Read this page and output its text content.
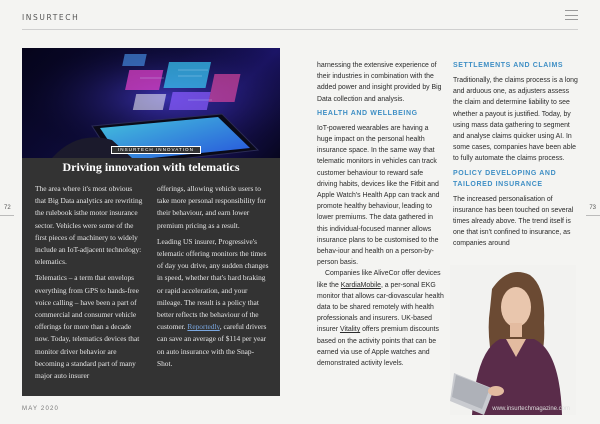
INSURTECH
72	73
INSURTECH INNOVATION
Driving innovation with telematics

The area where it's most obvious that Big Data analytics are rewriting the rulebook isthe motor insurance sector. Vehicles were some of the first pieces of machinery to widely include an IoT-adjacent technology: telematics.

Telematics – a term that envelops everything from GPS to hands-free voice calling – have been a part of commercial and consumer vehicle offerings for more than a decade now. Today, telematics devices that monitor driver behavior are becoming a standard part of many major auto insurer

offerings, allowing vehicle users to take more personal responsibility for their behaviour, and earn lower premium pricing as a result.

Leading US insurer, Progressive's telematic offering monitors the times of day you drive, any sudden changes in speed, whether that's hard braking or rapid acceleration, and your mileage. The result is a policy that better reflects the behaviour of the customer. Reportedly, careful drivers can save an average of $114 per year on auto insurance with the Snap-Shot.

harnessing the extensive experience of their industries in combination with the added power and insight provided by Big Data collection and analysis.

HEALTH AND WELLBEING

IoT-powered wearables are having a huge impact on the personal health insurance space. In the same way that telematic monitors in vehicles can track customer behaviour to reward safe driving habits, devices like the Fitbit and Apple Watch's Health App can track and promote healthy behaviour, leading to lower premiums. The data gathered in this individual-focused manner allows insurance plans to be customised to the behav-iour and health on a person-by-person basis.

Companies like AliveCor offer devices like the KardiaMobile, a per-sonal EKG monitor that allows car-diovascular health data to be shared remotely with health professionals and insurers. UK-based insurer Vitality offers premium discounts based on the activity points that can be earned via use of Apple watches and demonstrated activity levels.

SETTLEMENTS AND CLAIMS

Traditionally, the claims process is a long and arduous one, as adjusters assess the claim and determine liability to see whether a payout is justified. Today, by using mass data gathering to segment and analyse claims quicker using AI. In some cases, companies have been able to fully automate the claims process.

POLICY DEVELOPING AND TAILORED INSURANCE

The increased personalisation of insurance has been touched on several times already above. The trend itself is one that isn't confined to insurance, as companies around

MAY 2020	www.insurtechmagazine.com
